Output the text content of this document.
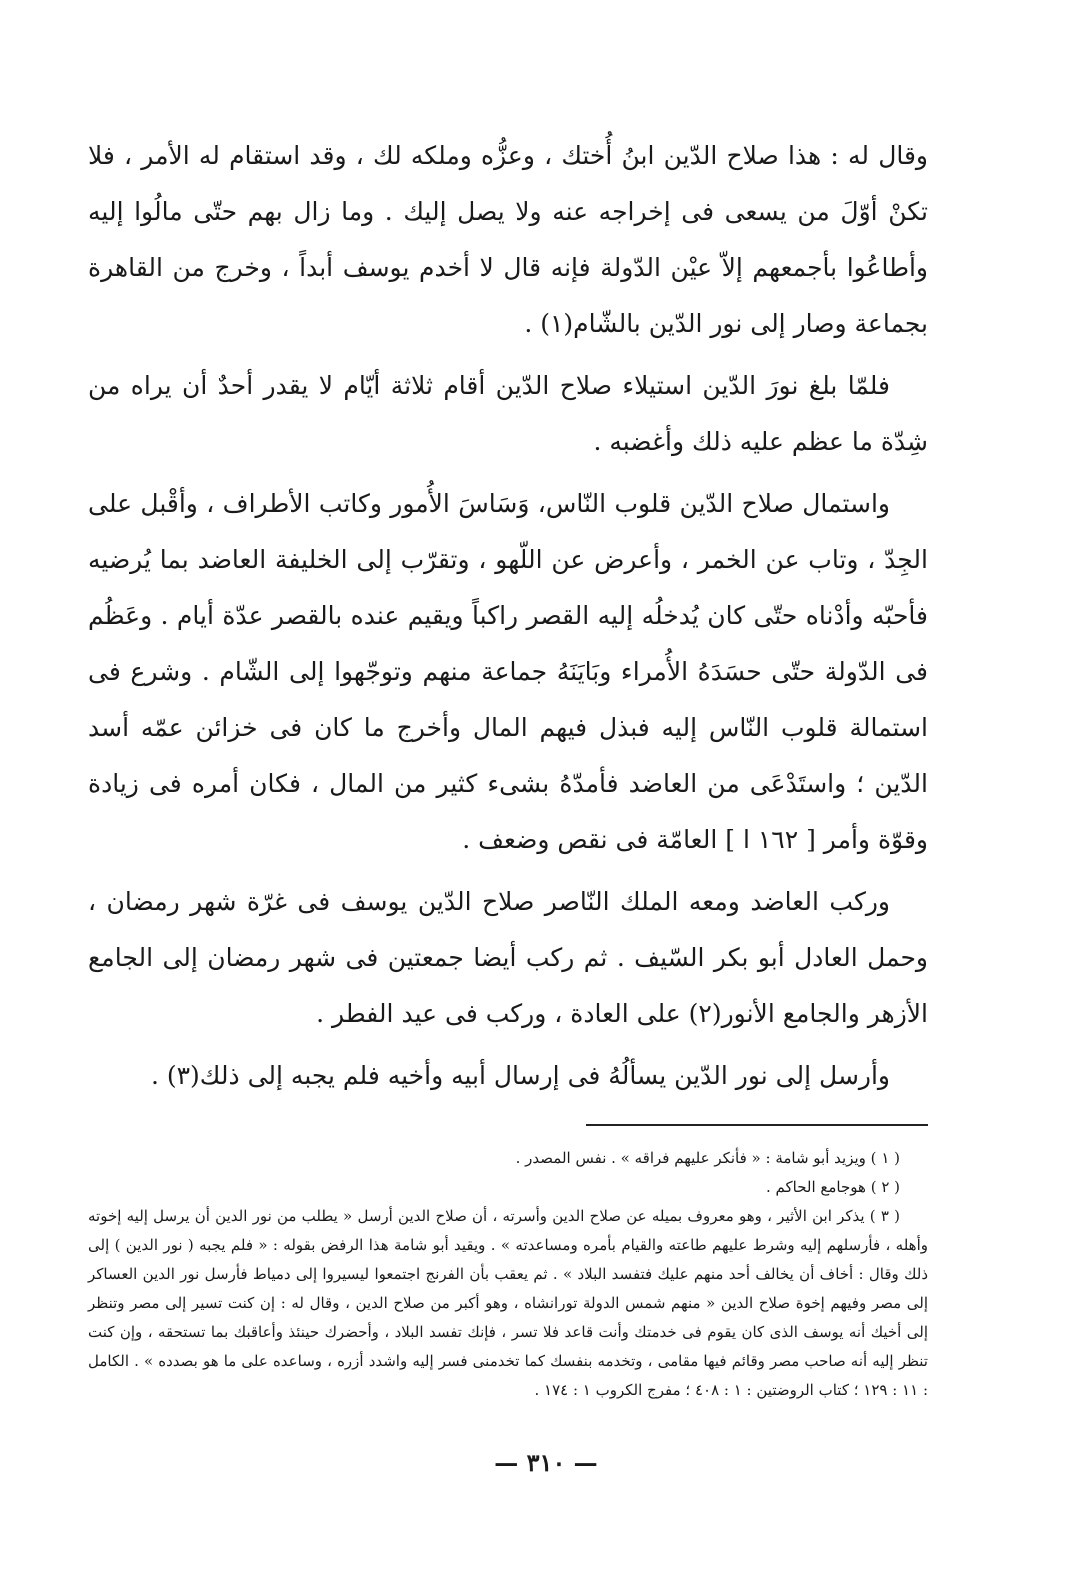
وقال له : هذا صلاح الدّين ابنُ أُختك ، وعزُّه وملكه لك ، وقد استقام له الأمر ، فلا تكنْ أوّلَ من يسعى فى إخراجه عنه ولا يصل إليك . وما زال بهم حتّى مالُوا إليه وأطاعُوا بأجمعهم إلاّ عيْن الدّولة فإنه قال لا أخدم يوسف أبداً ، وخرج من القاهرة بجماعة وصار إلى نور الدّين بالشّام(١) .

فلمّا بلغ نورَ الدّين استيلاء صلاح الدّين أقام ثلاثة أيّام لا يقدر أحدٌ أن يراه من شِدّة ما عظم عليه ذلك وأغضبه .

واستمال صلاح الدّين قلوب النّاس، وَسَاسَ الأُمور وكاتب الأطراف ، وأقْبل على الجِدّ ، وتاب عن الخمر ، وأعرض عن اللّهو ، وتقرّب إلى الخليفة العاضد بما يُرضيه فأحبّه وأدْناه حتّى كان يُدخلُه إليه القصر راكباً ويقيم عنده بالقصر عدّة أيام . وعَظُم فى الدّولة حتّى حسَدَهُ الأُمراء وبَايَنَهُ جماعة منهم وتوجّهوا إلى الشّام . وشرع فى استمالة قلوب النّاس إليه فبذل فيهم المال وأخرج ما كان فى خزائن عمّه أسد الدّين ؛ واستَدْعَى من العاضد فأمدّهُ بشىء كثير من المال ، فكان أمره فى زيادة وقوّة وأمر [ ١٦٢ ا ] العامّة فى نقص وضعف .

وركب العاضد ومعه الملك النّاصر صلاح الدّين يوسف فى غرّة شهر رمضان ، وحمل العادل أبو بكر السّيف . ثم ركب أيضا جمعتين فى شهر رمضان إلى الجامع الأزهر والجامع الأنور(٢) على العادة ، وركب فى عيد الفطر .

وأرسل إلى نور الدّين يسألُهُ فى إرسال أبيه وأخيه فلم يجبه إلى ذلك(٣) .

( ١ ) ويزيد أبو شامة : « فأنكر عليهم فراقه » . نفس المصدر .

( ٢ ) هوجامع الحاكم .

( ٣ ) يذكر ابن الأثير ، وهو معروف بميله عن صلاح الدين وأسرته ، أن صلاح الدين أرسل « يطلب من نور الدين أن يرسل إليه إخوته وأهله ، فأرسلهم إليه وشرط عليهم طاعته والقيام بأمره ومساعدته » . ويقيد أبو شامة هذا الرفض بقوله : « فلم يجبه ( نور الدين ) إلى ذلك وقال : أخاف أن يخالف أحد منهم عليك فتفسد البلاد » . ثم يعقب بأن الفرنج اجتمعوا ليسيروا إلى دمياط فأرسل نور الدين العساكر إلى مصر وفيهم إخوة صلاح الدين « منهم شمس الدولة تورانشاه ، وهو أكبر من صلاح الدين ، وقال له : إن كنت تسير إلى مصر وتنظر إلى أخيك أنه يوسف الذى كان يقوم فى خدمتك وأنت قاعد فلا تسر ، فإنك تفسد البلاد ، وأحضرك حينئذ وأعاقبك بما تستحقه ، وإن كنت تنظر إليه أنه صاحب مصر وقائم فيها مقامى ، وتخدمه بنفسك كما تخدمنى فسر إليه واشدد أزره ، وساعده على ما هو بصدده » . الكامل : ١١ : ١٢٩ ؛ كتاب الروضتين : ١ : ٤٠٨ ؛ مفرج الكروب ١ : ١٧٤ .

— ٣١٠ —
